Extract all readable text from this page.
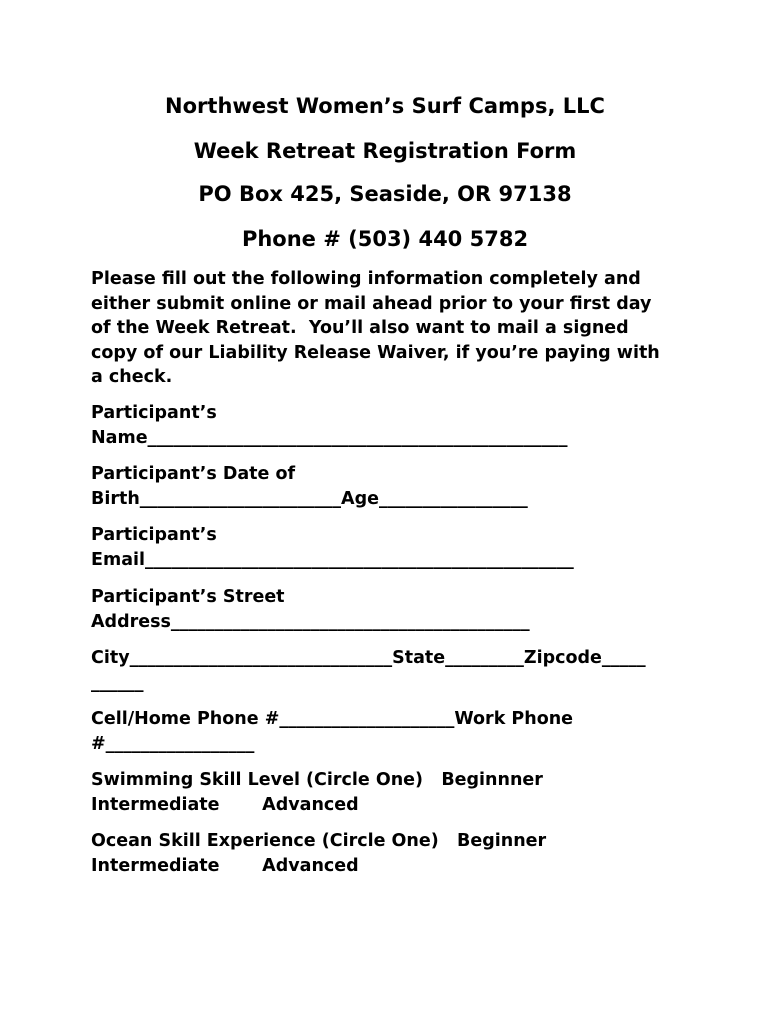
Northwest Women’s Surf Camps, LLC
Week Retreat Registration Form
PO Box 425, Seaside, OR 97138
Phone # (503) 440 5782
Please fill out the following information completely and
either submit online or mail ahead prior to your first day
of the Week Retreat.  You’ll also want to mail a signed
copy of our Liability Release Waiver, if you’re paying with
a check.
Participant’s
Name________________________________________________
Participant’s Date of
Birth_______________________Age_________________
Participant’s
Email_________________________________________________
Participant’s Street
Address_________________________________________
City______________________________State_________Zipcode_____
______
Cell/Home Phone #____________________Work Phone
#_________________
Swimming Skill Level (Circle One)   Beginnner
Intermediate       Advanced
Ocean Skill Experience (Circle One)   Beginner
Intermediate       Advanced
